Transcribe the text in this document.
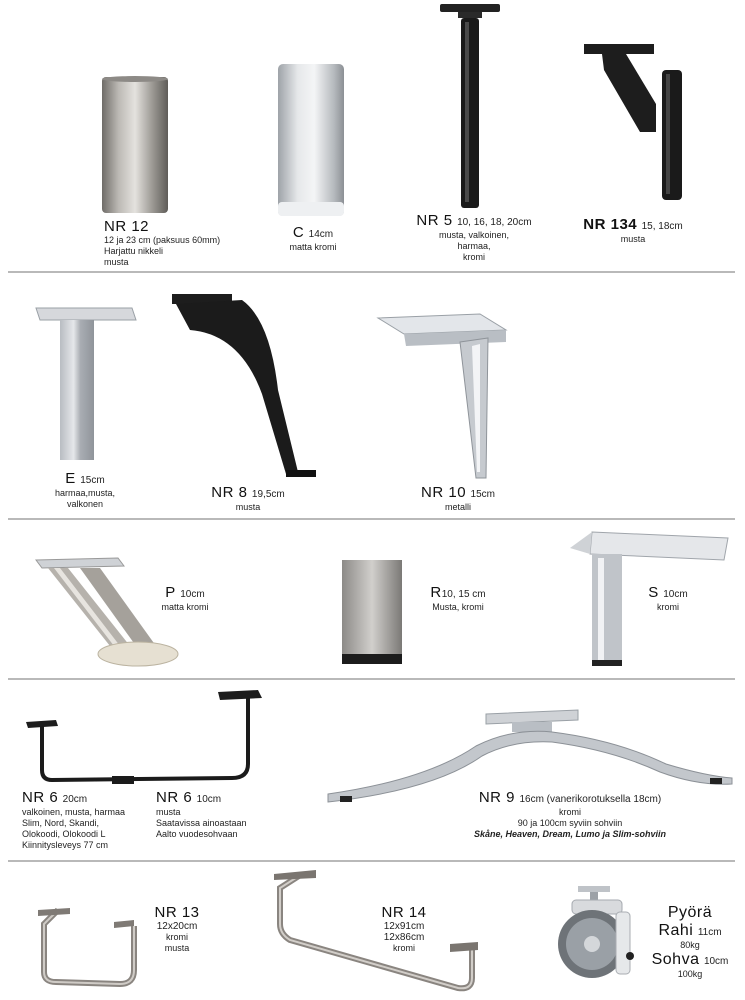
NR 12
12 ja 23 cm (paksuus 60mm)
Harjattu nikkeli
musta
C 14cm
matta kromi
NR 5 10, 16, 18, 20cm
musta, valkoinen,
harmaa,
kromi
NR 134 15, 18cm
musta
E 15cm
harmaa,musta,
valkonen
NR 8 19,5cm
musta
NR 10 15cm
metalli
P 10cm
matta kromi
R10, 15 cm
Musta, kromi
S 10cm
kromi
NR 6 20cm
valkoinen, musta, harmaa
Slim, Nord, Skandi,
Olokoodi, Olokoodi L
Kiinnitysleveys 77 cm
NR 6 10cm
musta
Saatavissa ainoastaan
Aalto vuodesohvaan
NR 9 16cm (vanerikorotuksella 18cm)
kromi
90 ja 100cm syviin sohviin
Skåne, Heaven, Dream, Lumo ja Slim-sohviin
NR 13
12x20cm
kromi
musta
NR 14
12x91cm
12x86cm
kromi
Pyörä
Rahi 11cm
80kg
Sohva 10cm
100kg
